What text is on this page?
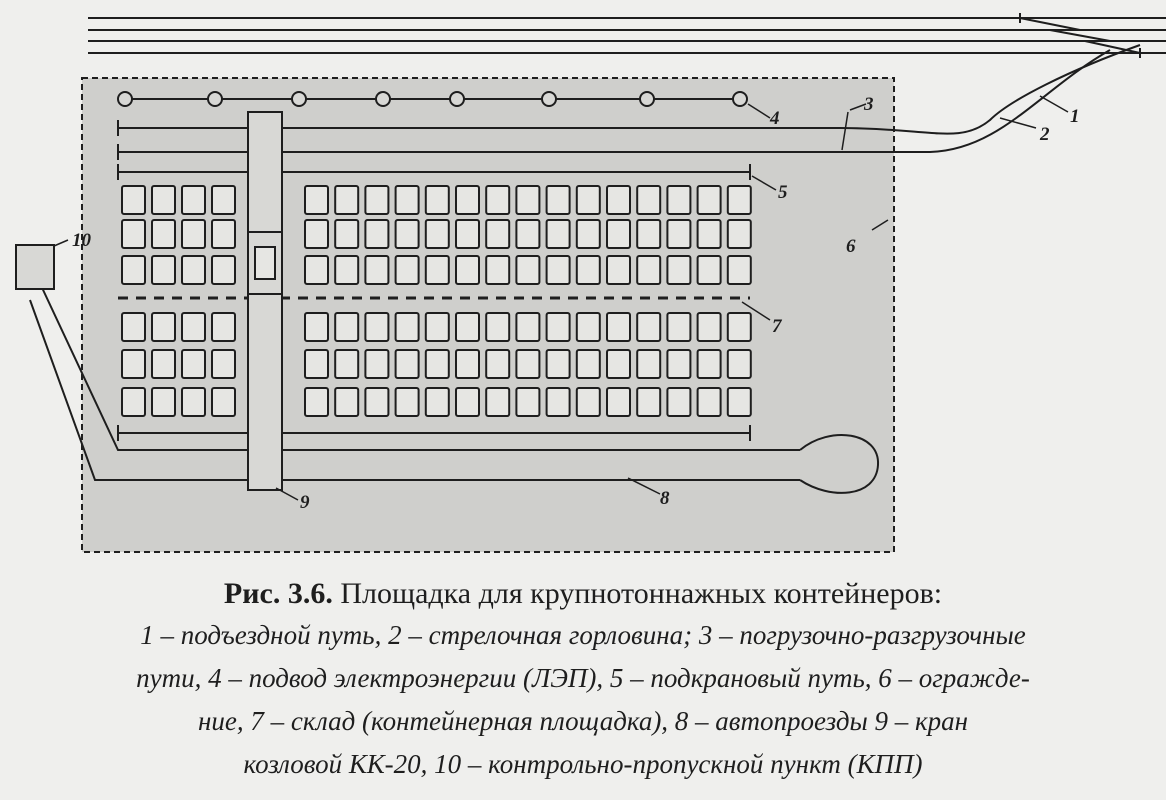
1
2
3
4
5
6
7
8
9
10
Рис. 3.6. Площадка для крупнотоннажных контейнеров:
1 – подъездной путь, 2 – стрелочная горловина; 3 – погрузочно-разгрузочные
пути, 4 – подвод электроэнергии (ЛЭП), 5 – подкрановый путь, 6 – огражде-
ние, 7 – склад (контейнерная площадка), 8 – автопроезды 9 – кран
козловой КК-20, 10 – контрольно-пропускной пункт (КПП)
